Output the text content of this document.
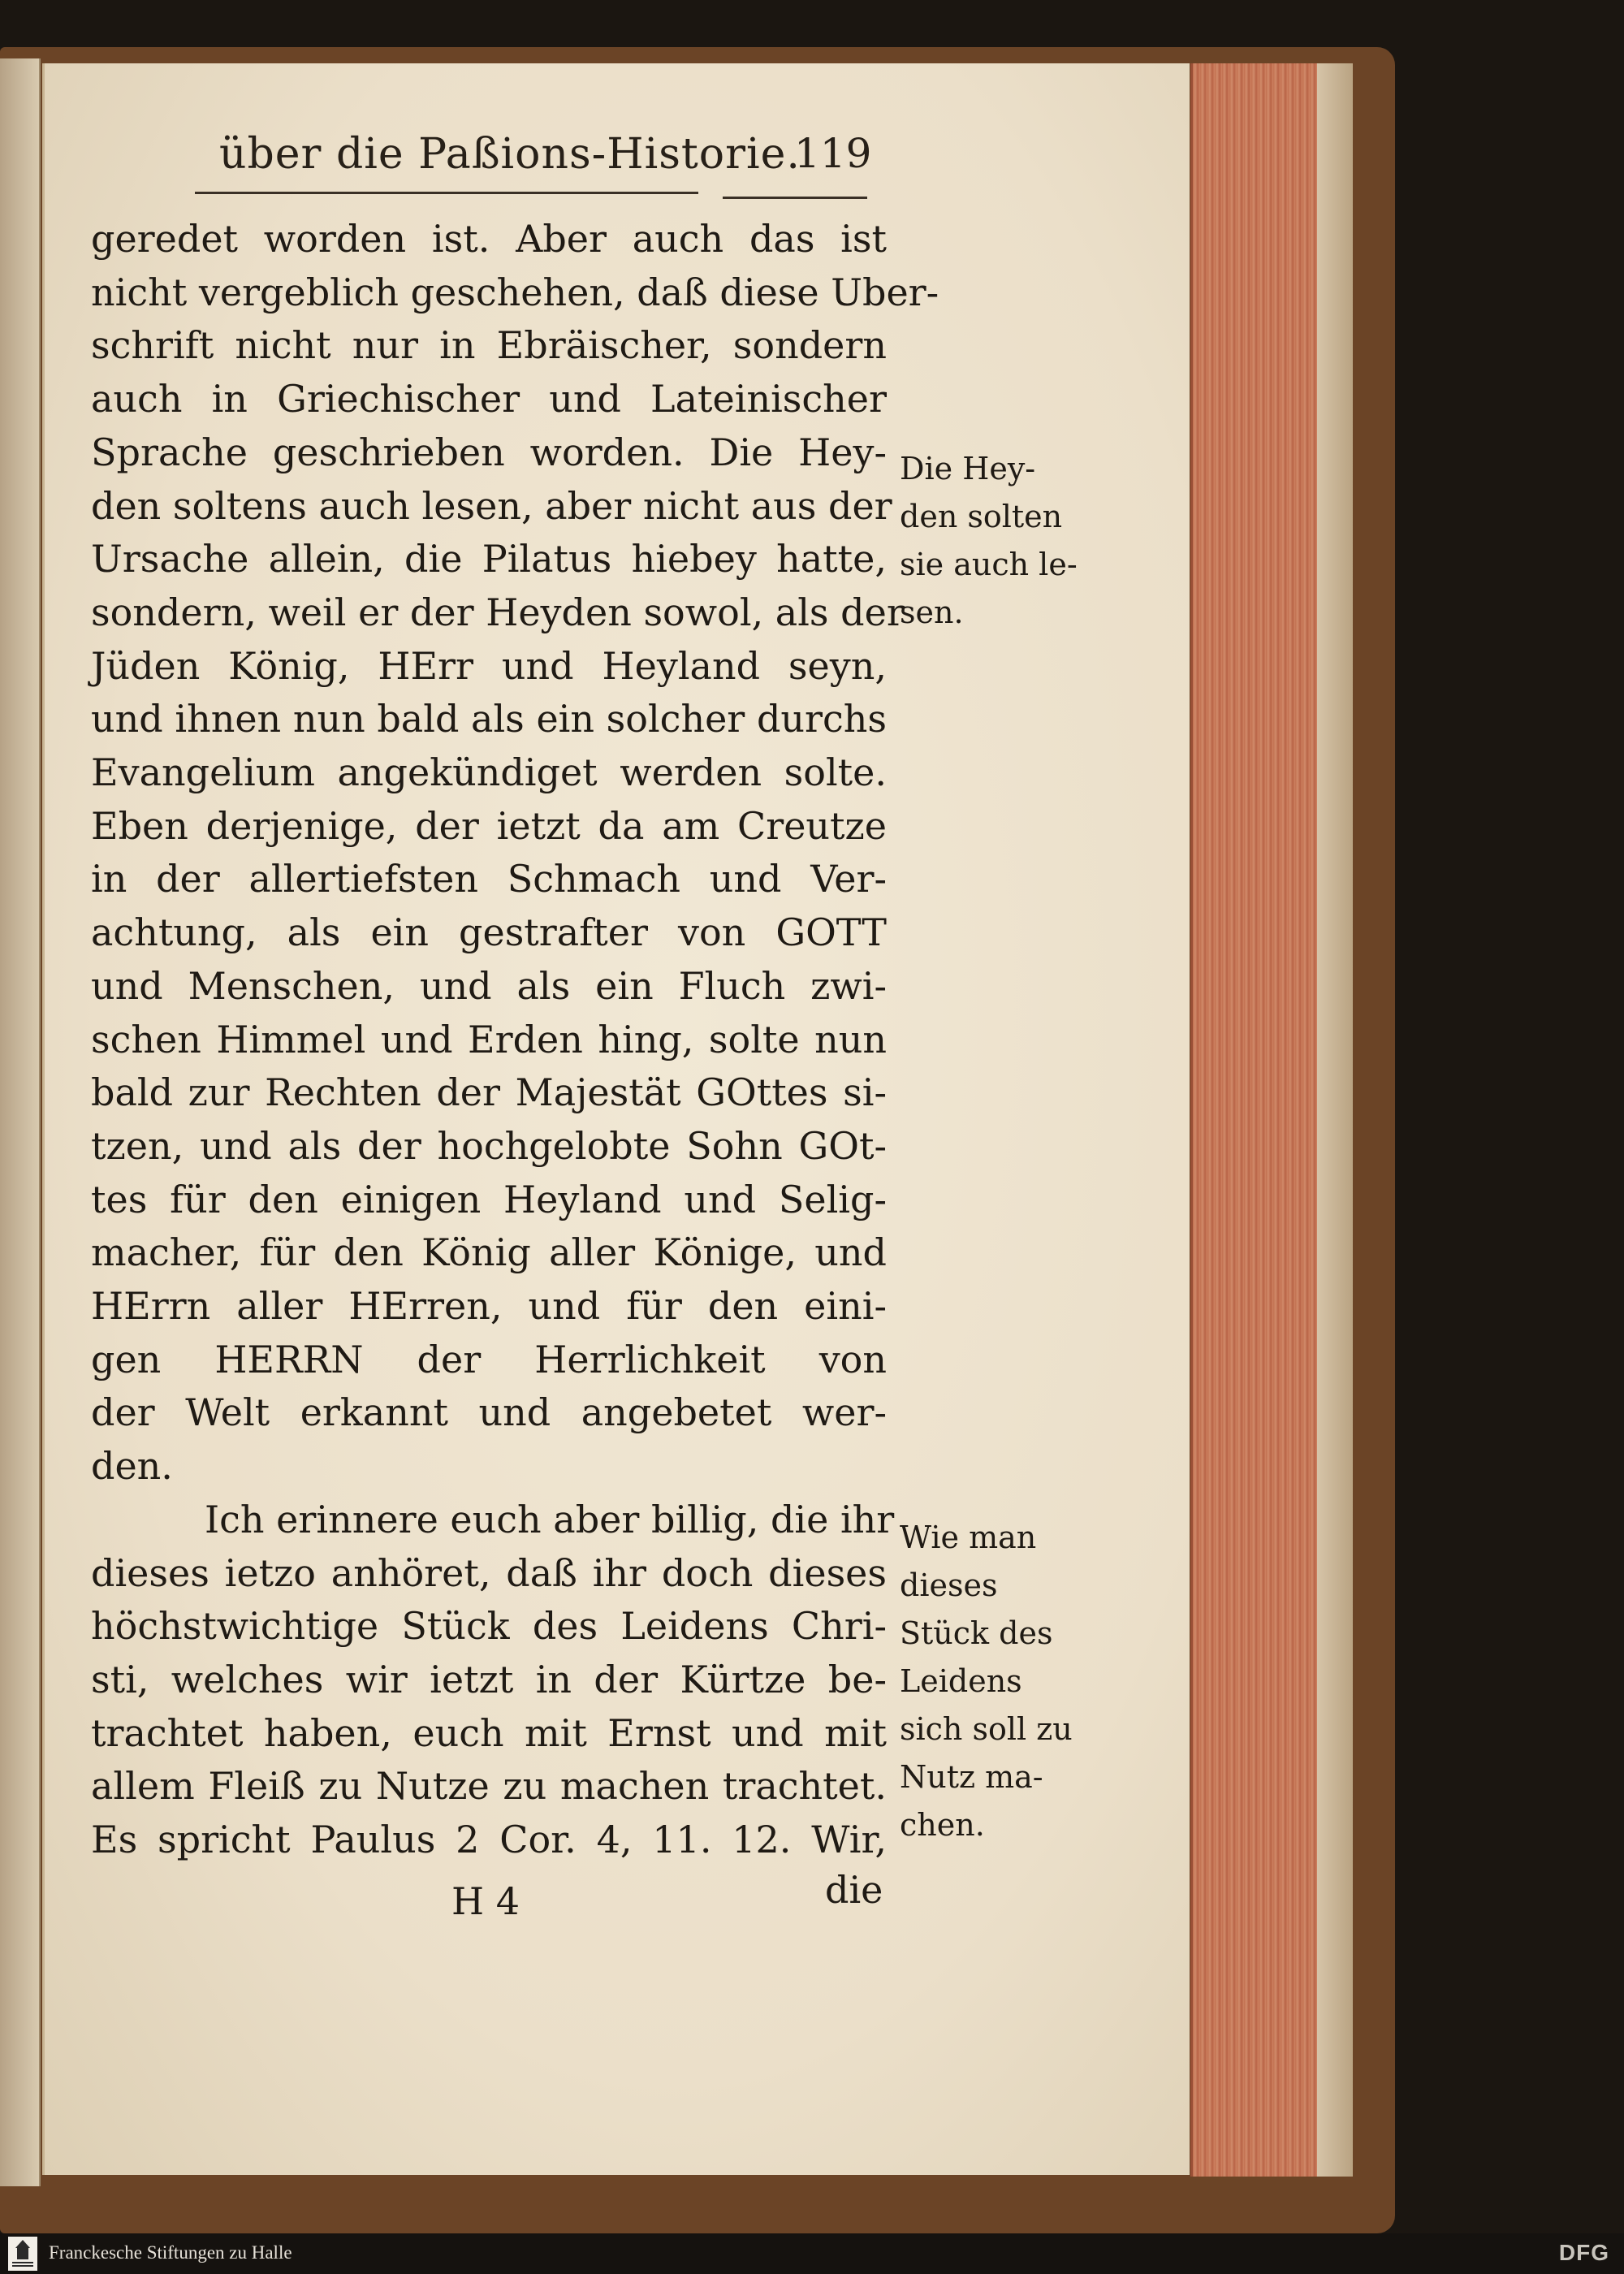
über die Paßions-Historie.
119
geredet worden ist. Aber auch das ist
nicht vergeblich geschehen, daß diese Uber-
schrift nicht nur in Ebräischer, sondern
auch in Griechischer und Lateinischer
Sprache geschrieben worden. Die Hey-
den soltens auch lesen, aber nicht aus der
Ursache allein, die Pilatus hiebey hatte,
sondern, weil er der Heyden sowol, als der
Jüden König, HErr und Heyland seyn,
und ihnen nun bald als ein solcher durchs
Evangelium angekündiget werden solte.
Eben derjenige, der ietzt da am Creutze
in der allertiefsten Schmach und Ver-
achtung, als ein gestrafter von GOTT
und Menschen, und als ein Fluch zwi-
schen Himmel und Erden hing, solte nun
bald zur Rechten der Majestät GOttes si-
tzen, und als der hochgelobte Sohn GOt-
tes für den einigen Heyland und Selig-
macher, für den König aller Könige, und
HErrn aller HErren, und für den eini-
gen HERRN der Herrlichkeit von
der Welt erkannt und angebetet wer-
den.
Ich erinnere euch aber billig, die ihr
dieses ietzo anhöret, daß ihr doch dieses
höchstwichtige Stück des Leidens Chri-
sti, welches wir ietzt in der Kürtze be-
trachtet haben, euch mit Ernst und mit
allem Fleiß zu Nutze zu machen trachtet.
Es spricht Paulus 2 Cor. 4, 11. 12. Wir,
Die Hey-
den solten
sie auch le-
sen.
Wie man
dieses
Stück des
Leidens
sich soll zu
Nutz ma-
chen.
H 4	die
Franckesche Stiftungen zu Halle	DFG
